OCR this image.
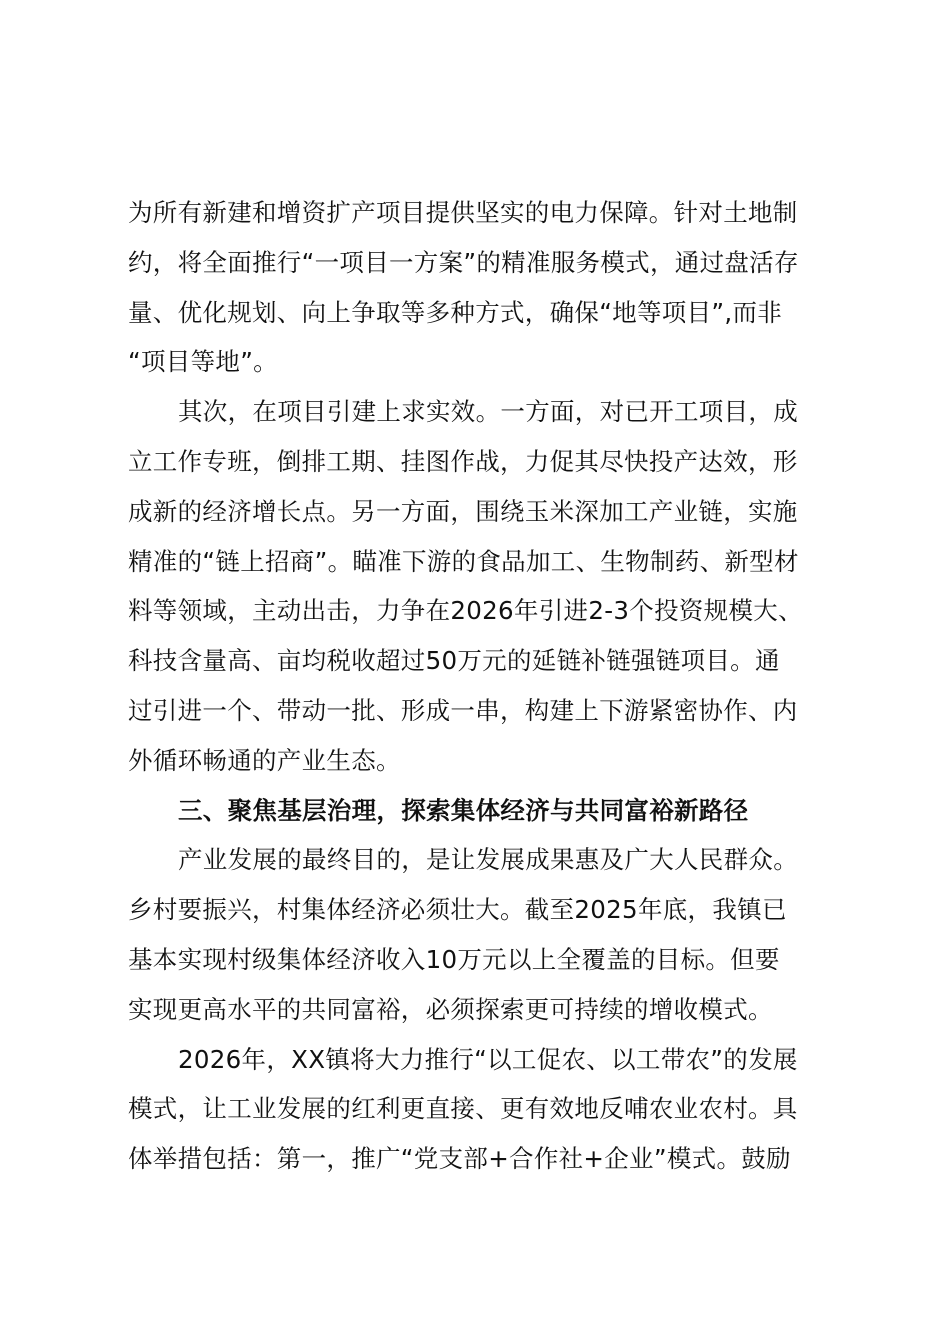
为所有新建和增资扩产项目提供坚实的电力保障。针对土地制
约，将全面推行“一项目一方案”的精准服务模式，通过盘活存
量、优化规划、向上争取等多种方式，确保“地等项目”,而非
“项目等地”。
其次，在项目引建上求实效。一方面，对已开工项目，成
立工作专班，倒排工期、挂图作战，力促其尽快投产达效，形
成新的经济增长点。另一方面，围绕玉米深加工产业链，实施
精准的“链上招商”。瞄准下游的食品加工、生物制药、新型材
料等领域，主动出击，力争在2026年引进2-3个投资规模大、
科技含量高、亩均税收超过50万元的延链补链强链项目。通
过引进一个、带动一批、形成一串，构建上下游紧密协作、内
外循环畅通的产业生态。
三、聚焦基层治理，探索集体经济与共同富裕新路径
产业发展的最终目的，是让发展成果惠及广大人民群众。
乡村要振兴，村集体经济必须壮大。截至2025年底，我镇已
基本实现村级集体经济收入10万元以上全覆盖的目标。但要
实现更高水平的共同富裕，必须探索更可持续的增收模式。
2026年，XX镇将大力推行“以工促农、以工带农”的发展
模式，让工业发展的红利更直接、更有效地反哺农业农村。具
体举措包括：第一，推广“党支部+合作社+企业”模式。鼓励
